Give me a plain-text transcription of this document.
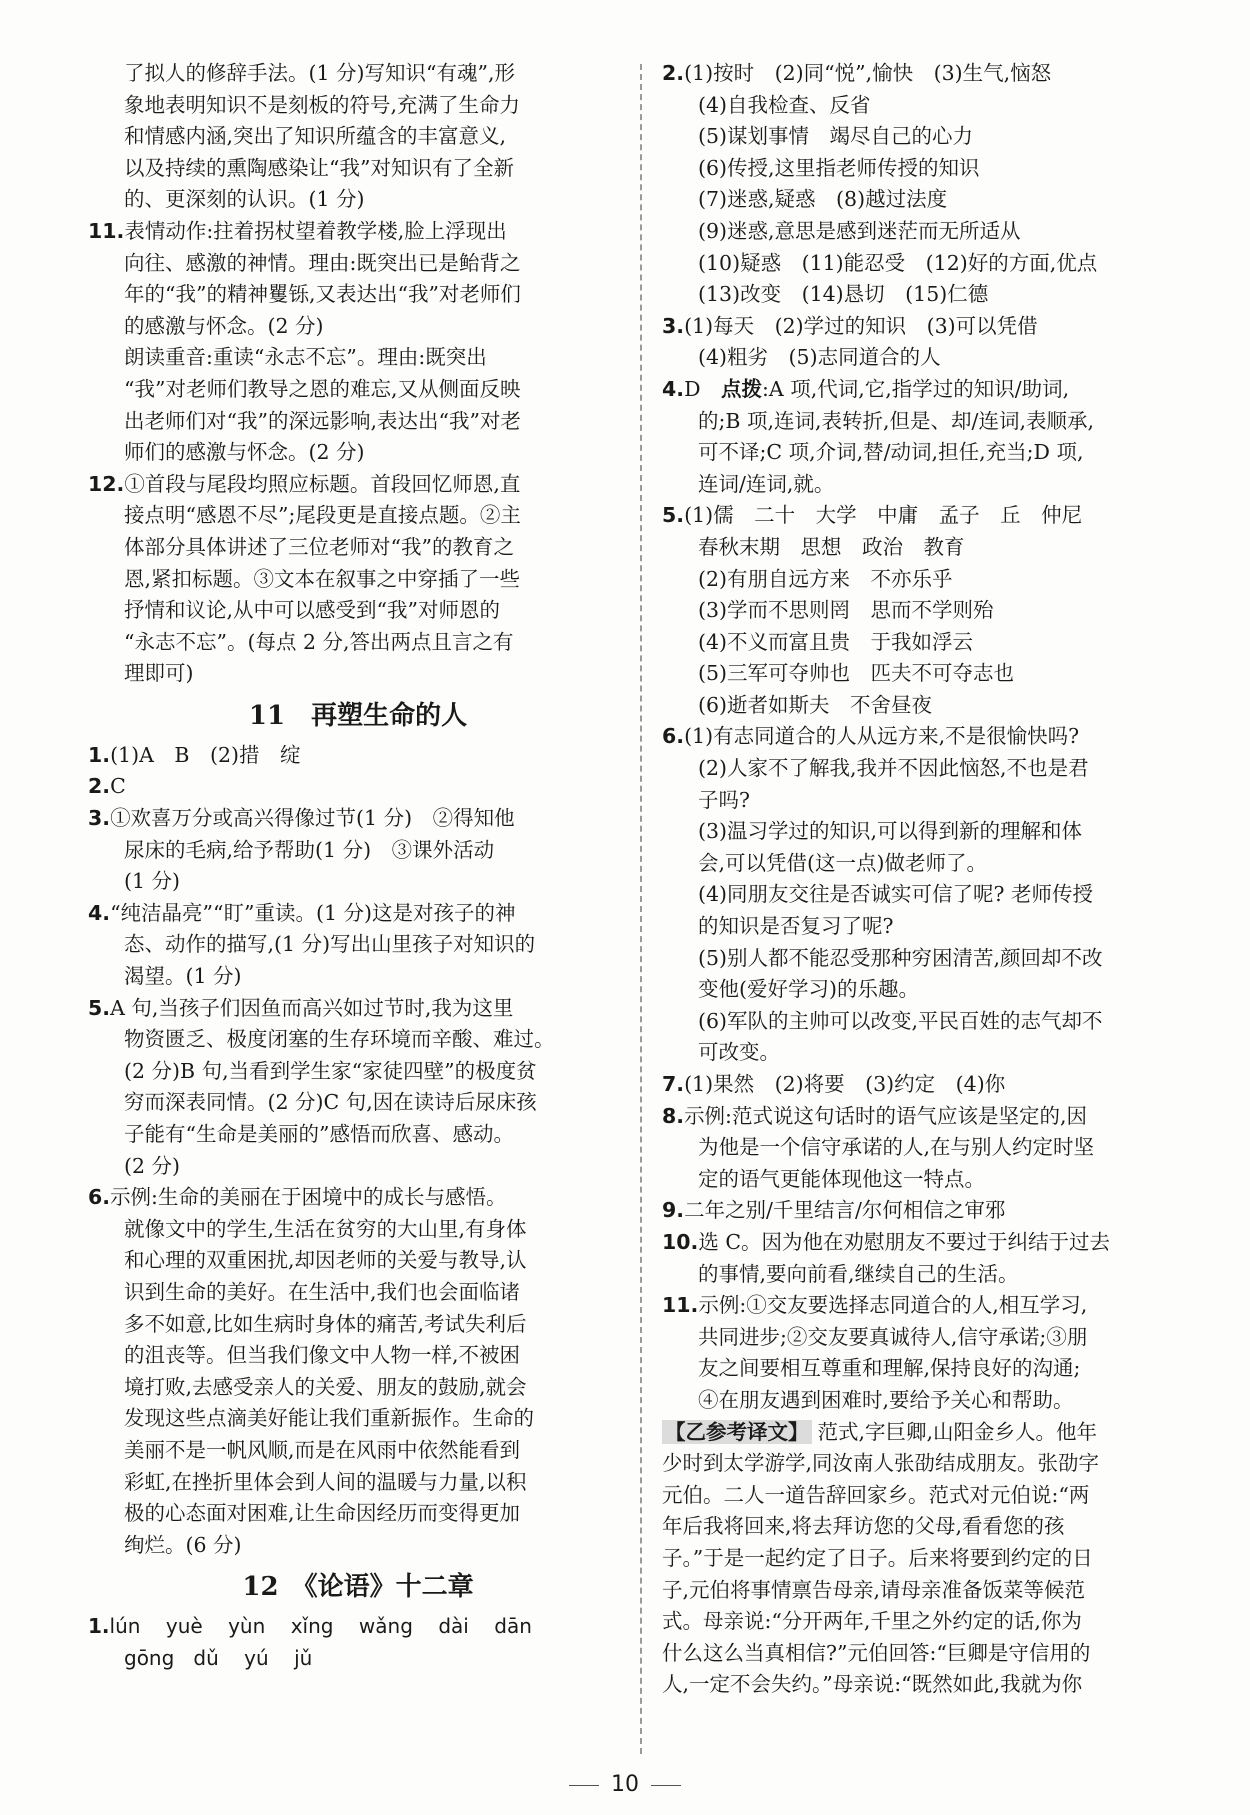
了拟人的修辞手法。(1 分)写知识“有魂”,形
象地表明知识不是刻板的符号,充满了生命力
和情感内涵,突出了知识所蕴含的丰富意义,
以及持续的熏陶感染让“我”对知识有了全新
的、更深刻的认识。(1 分)
11.表情动作:拄着拐杖望着教学楼,脸上浮现出
向往、感激的神情。理由:既突出已是鲐背之
年的“我”的精神矍铄,又表达出“我”对老师们
的感激与怀念。(2 分)
朗读重音:重读“永志不忘”。理由:既突出
“我”对老师们教导之恩的难忘,又从侧面反映
出老师们对“我”的深远影响,表达出“我”对老
师们的感激与怀念。(2 分)
12.①首段与尾段均照应标题。首段回忆师恩,直
接点明“感恩不尽”;尾段更是直接点题。②主
体部分具体讲述了三位老师对“我”的教育之
恩,紧扣标题。③文本在叙事之中穿插了一些
抒情和议论,从中可以感受到“我”对师恩的
“永志不忘”。(每点 2 分,答出两点且言之有
理即可)
11　再塑生命的人
1.(1)A　B　(2)措　绽
2.C
3.①欢喜万分或高兴得像过节(1 分)　②得知他
尿床的毛病,给予帮助(1 分)　③课外活动
(1 分)
4.“纯洁晶亮”“盯”重读。(1 分)这是对孩子的神
态、动作的描写,(1 分)写出山里孩子对知识的
渴望。(1 分)
5.A 句,当孩子们因鱼而高兴如过节时,我为这里
物资匮乏、极度闭塞的生存环境而辛酸、难过。
(2 分)B 句,当看到学生家“家徒四壁”的极度贫
穷而深表同情。(2 分)C 句,因在读诗后尿床孩
子能有“生命是美丽的”感悟而欣喜、感动。
(2 分)
6.示例:生命的美丽在于困境中的成长与感悟。
就像文中的学生,生活在贫穷的大山里,有身体
和心理的双重困扰,却因老师的关爱与教导,认
识到生命的美好。在生活中,我们也会面临诸
多不如意,比如生病时身体的痛苦,考试失利后
的沮丧等。但当我们像文中人物一样,不被困
境打败,去感受亲人的关爱、朋友的鼓励,就会
发现这些点滴美好能让我们重新振作。生命的
美丽不是一帆风顺,而是在风雨中依然能看到
彩虹,在挫折里体会到人间的温暖与力量,以积
极的心态面对困难,让生命因经历而变得更加
绚烂。(6 分)
12　《论语》十二章
1.lún    yuè    yùn    xǐng    wǎng    dài    dān
gōng   dǔ    yú    jǔ
2.(1)按时　(2)同“悦”,愉快　(3)生气,恼怒
(4)自我检查、反省
(5)谋划事情　竭尽自己的心力
(6)传授,这里指老师传授的知识
(7)迷惑,疑惑　(8)越过法度
(9)迷惑,意思是感到迷茫而无所适从
(10)疑惑　(11)能忍受　(12)好的方面,优点
(13)改变　(14)恳切　(15)仁德
3.(1)每天　(2)学过的知识　(3)可以凭借
(4)粗劣　(5)志同道合的人
4.D　点拨:A 项,代词,它,指学过的知识/助词,
的;B 项,连词,表转折,但是、却/连词,表顺承,
可不译;C 项,介词,替/动词,担任,充当;D 项,
连词/连词,就。
5.(1)儒　二十　大学　中庸　孟子　丘　仲尼
春秋末期　思想　政治　教育
(2)有朋自远方来　不亦乐乎
(3)学而不思则罔　思而不学则殆
(4)不义而富且贵　于我如浮云
(5)三军可夺帅也　匹夫不可夺志也
(6)逝者如斯夫　不舍昼夜
6.(1)有志同道合的人从远方来,不是很愉快吗?
(2)人家不了解我,我并不因此恼怒,不也是君
子吗?
(3)温习学过的知识,可以得到新的理解和体
会,可以凭借(这一点)做老师了。
(4)同朋友交往是否诚实可信了呢? 老师传授
的知识是否复习了呢?
(5)别人都不能忍受那种穷困清苦,颜回却不改
变他(爱好学习)的乐趣。
(6)军队的主帅可以改变,平民百姓的志气却不
可改变。
7.(1)果然　(2)将要　(3)约定　(4)你
8.示例:范式说这句话时的语气应该是坚定的,因
为他是一个信守承诺的人,在与别人约定时坚
定的语气更能体现他这一特点。
9.二年之别/千里结言/尔何相信之审邪
10.选 C。因为他在劝慰朋友不要过于纠结于过去
的事情,要向前看,继续自己的生活。
11.示例:①交友要选择志同道合的人,相互学习,
共同进步;②交友要真诚待人,信守承诺;③朋
友之间要相互尊重和理解,保持良好的沟通;
④在朋友遇到困难时,要给予关心和帮助。
【乙参考译文】 范式,字巨卿,山阳金乡人。他年
少时到太学游学,同汝南人张劭结成朋友。张劭字
元伯。二人一道告辞回家乡。范式对元伯说:“两
年后我将回来,将去拜访您的父母,看看您的孩
子。”于是一起约定了日子。后来将要到约定的日
子,元伯将事情禀告母亲,请母亲准备饭菜等候范
式。母亲说:“分开两年,千里之外约定的话,你为
什么这么当真相信?”元伯回答:“巨卿是守信用的
人,一定不会失约。”母亲说:“既然如此,我就为你
10
